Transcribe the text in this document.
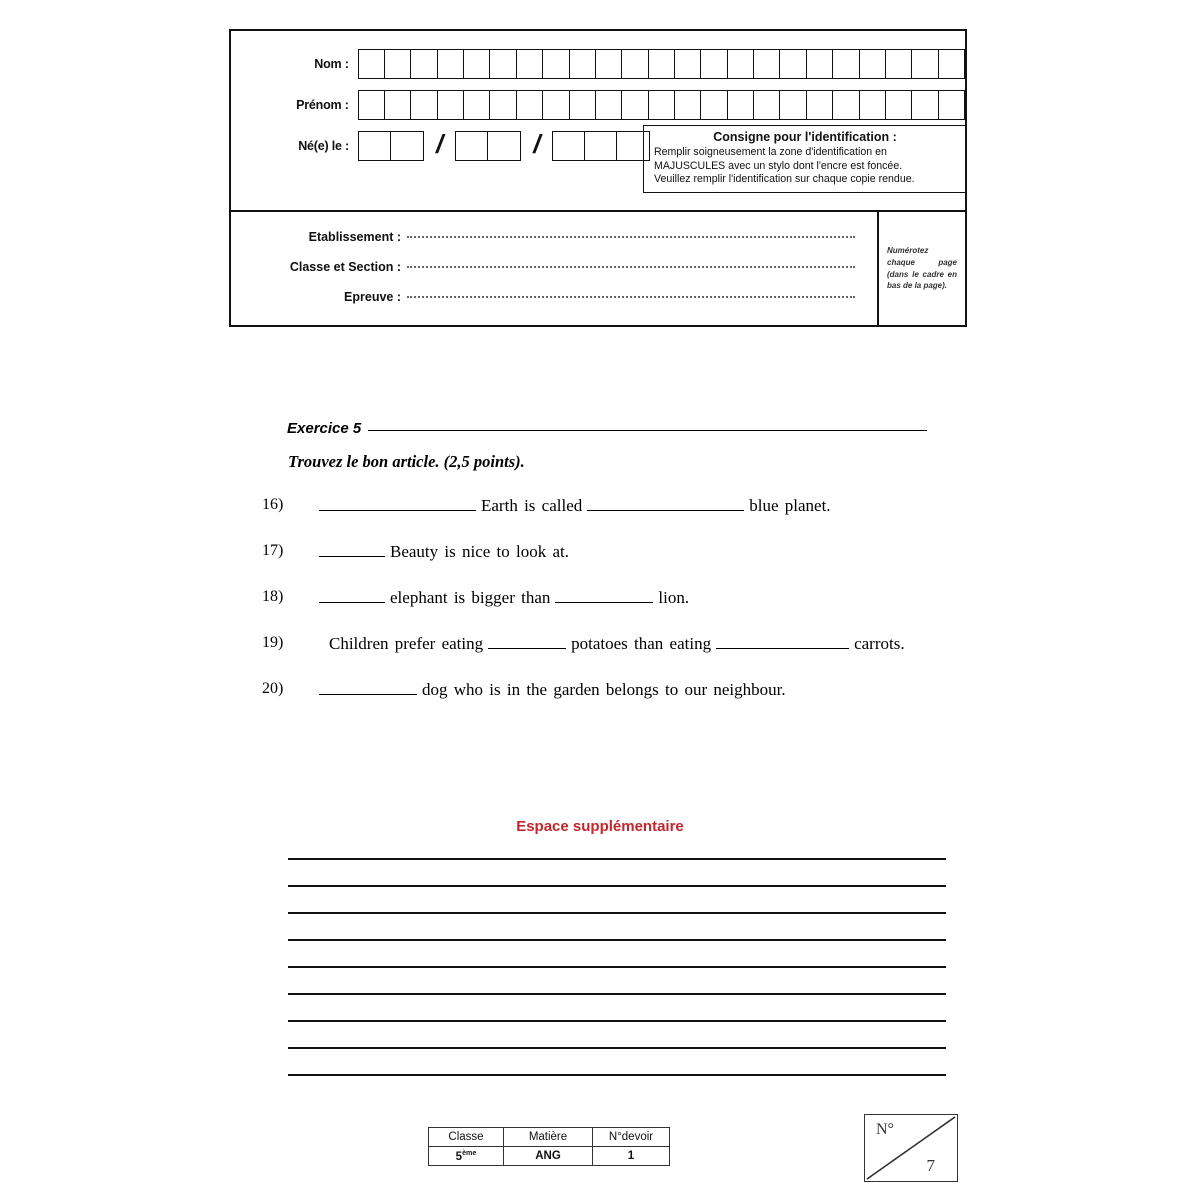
Nom :
Prénom :
Né(e) le :	/	/	Consigne pour l'identification :
Remplir soigneusement la zone d'identification en
MAJUSCULES avec un stylo dont l'encre est foncée.
Veuillez remplir l'identification sur chaque copie rendue.
Etablissement :
Classe et Section :
Epreuve :
Numérotez chaque page (dans le cadre en bas de la page).
Exercice 5
Trouvez le bon article. (2,5 points).
16)	Earth is called	blue planet.
17)	Beauty is nice to look at.
18)	elephant is bigger than	lion.
19)	Children prefer eating	potatoes than eating	carrots.
20)	dog who is in the garden belongs to our neighbour.
Espace supplémentaire
Classe	Matière	N°devoir
5ème	ANG	1
N°
7
